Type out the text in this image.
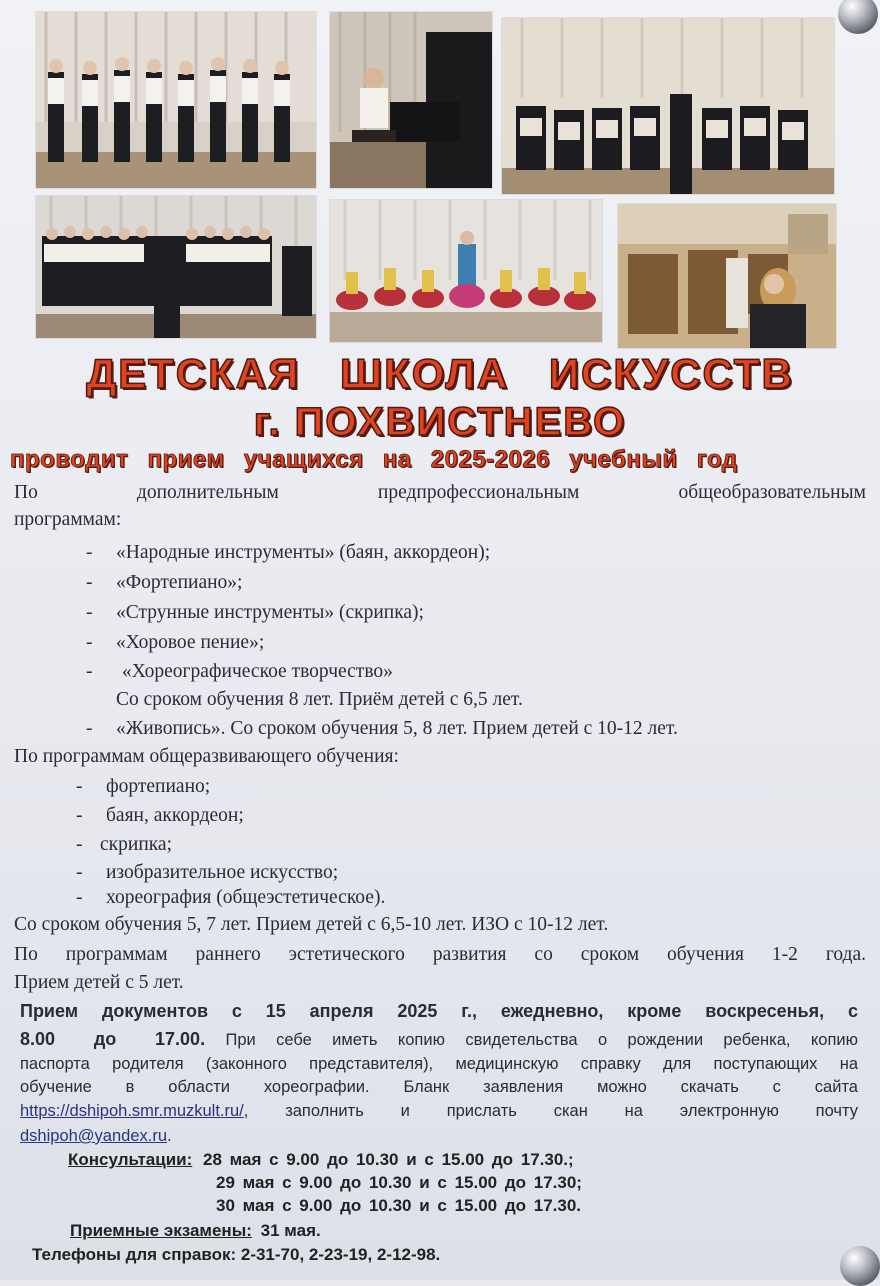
ДЕТСКАЯ ШКОЛА ИСКУССТВ
г. ПОХВИСТНЕВО
проводит прием учащихся на 2025-2026 учебный год
По дополнительным предпрофессиональным общеобразовательным
программам:
- «Народные инструменты» (баян, аккордеон);
- «Фортепиано»;
- «Струнные инструменты» (скрипка);
- «Хоровое пение»;
- «Хореографическое творчество»
Со сроком обучения 8 лет. Приём детей с 6,5 лет.
- «Живопись». Со сроком обучения 5, 8 лет. Прием детей с 10-12 лет.
По программам общеразвивающего обучения:
- фортепиано;
- баян, аккордеон;
- скрипка;
- изобразительное искусство;
- хореография (общеэстетическое).
Со сроком обучения 5, 7 лет. Прием детей с 6,5-10 лет. ИЗО с 10-12 лет.
По программам раннего эстетического развития со сроком обучения 1-2 года.
Прием детей с 5 лет.
Прием документов с 15 апреля 2025 г., ежедневно, кроме воскресенья, с
8.00 до 17.00. При себе иметь копию свидетельства о рождении ребенка, копию
паспорта родителя (законного представителя), медицинскую справку для поступающих на
обучение в области хореографии. Бланк заявления можно скачать с сайта
https://dshipoh.smr.muzkult.ru/, заполнить и прислать скан на электронную почту
dshipoh@yandex.ru.
Консультации: 28 мая с 9.00 до 10.30 и с 15.00 до 17.30.;
29 мая с 9.00 до 10.30 и с 15.00 до 17.30;
30 мая с 9.00 до 10.30 и с 15.00 до 17.30.
Приемные экзамены: 31 мая.
Телефоны для справок: 2-31-70, 2-23-19, 2-12-98.
